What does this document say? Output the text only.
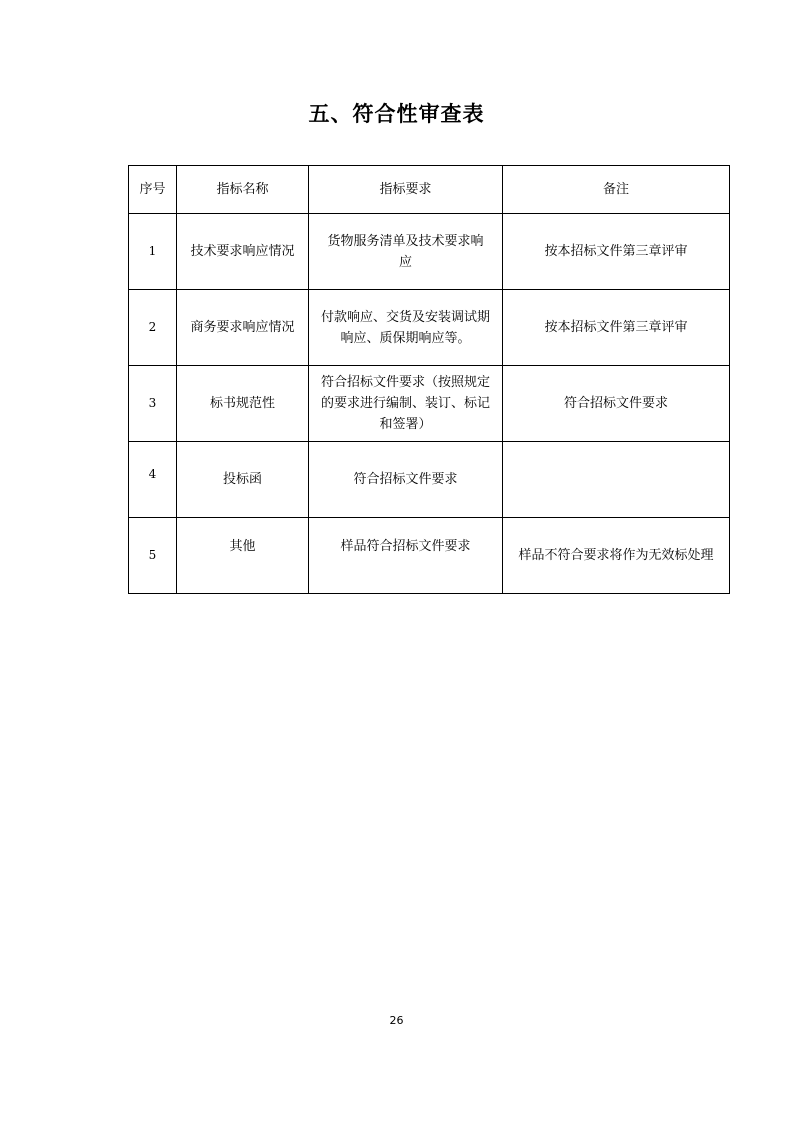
五、符合性审查表
序号	指标名称	指标要求	备注
1	技术要求响应情况	货物服务清单及技术要求响应	按本招标文件第三章评审
2	商务要求响应情况	付款响应、交货及安装调试期响应、质保期响应等。	按本招标文件第三章评审
3	标书规范性	符合招标文件要求（按照规定的要求进行编制、装订、标记和签署）	符合招标文件要求
4	投标函	符合招标文件要求	
5	其他	样品符合招标文件要求	样品不符合要求将作为无效标处理
26
